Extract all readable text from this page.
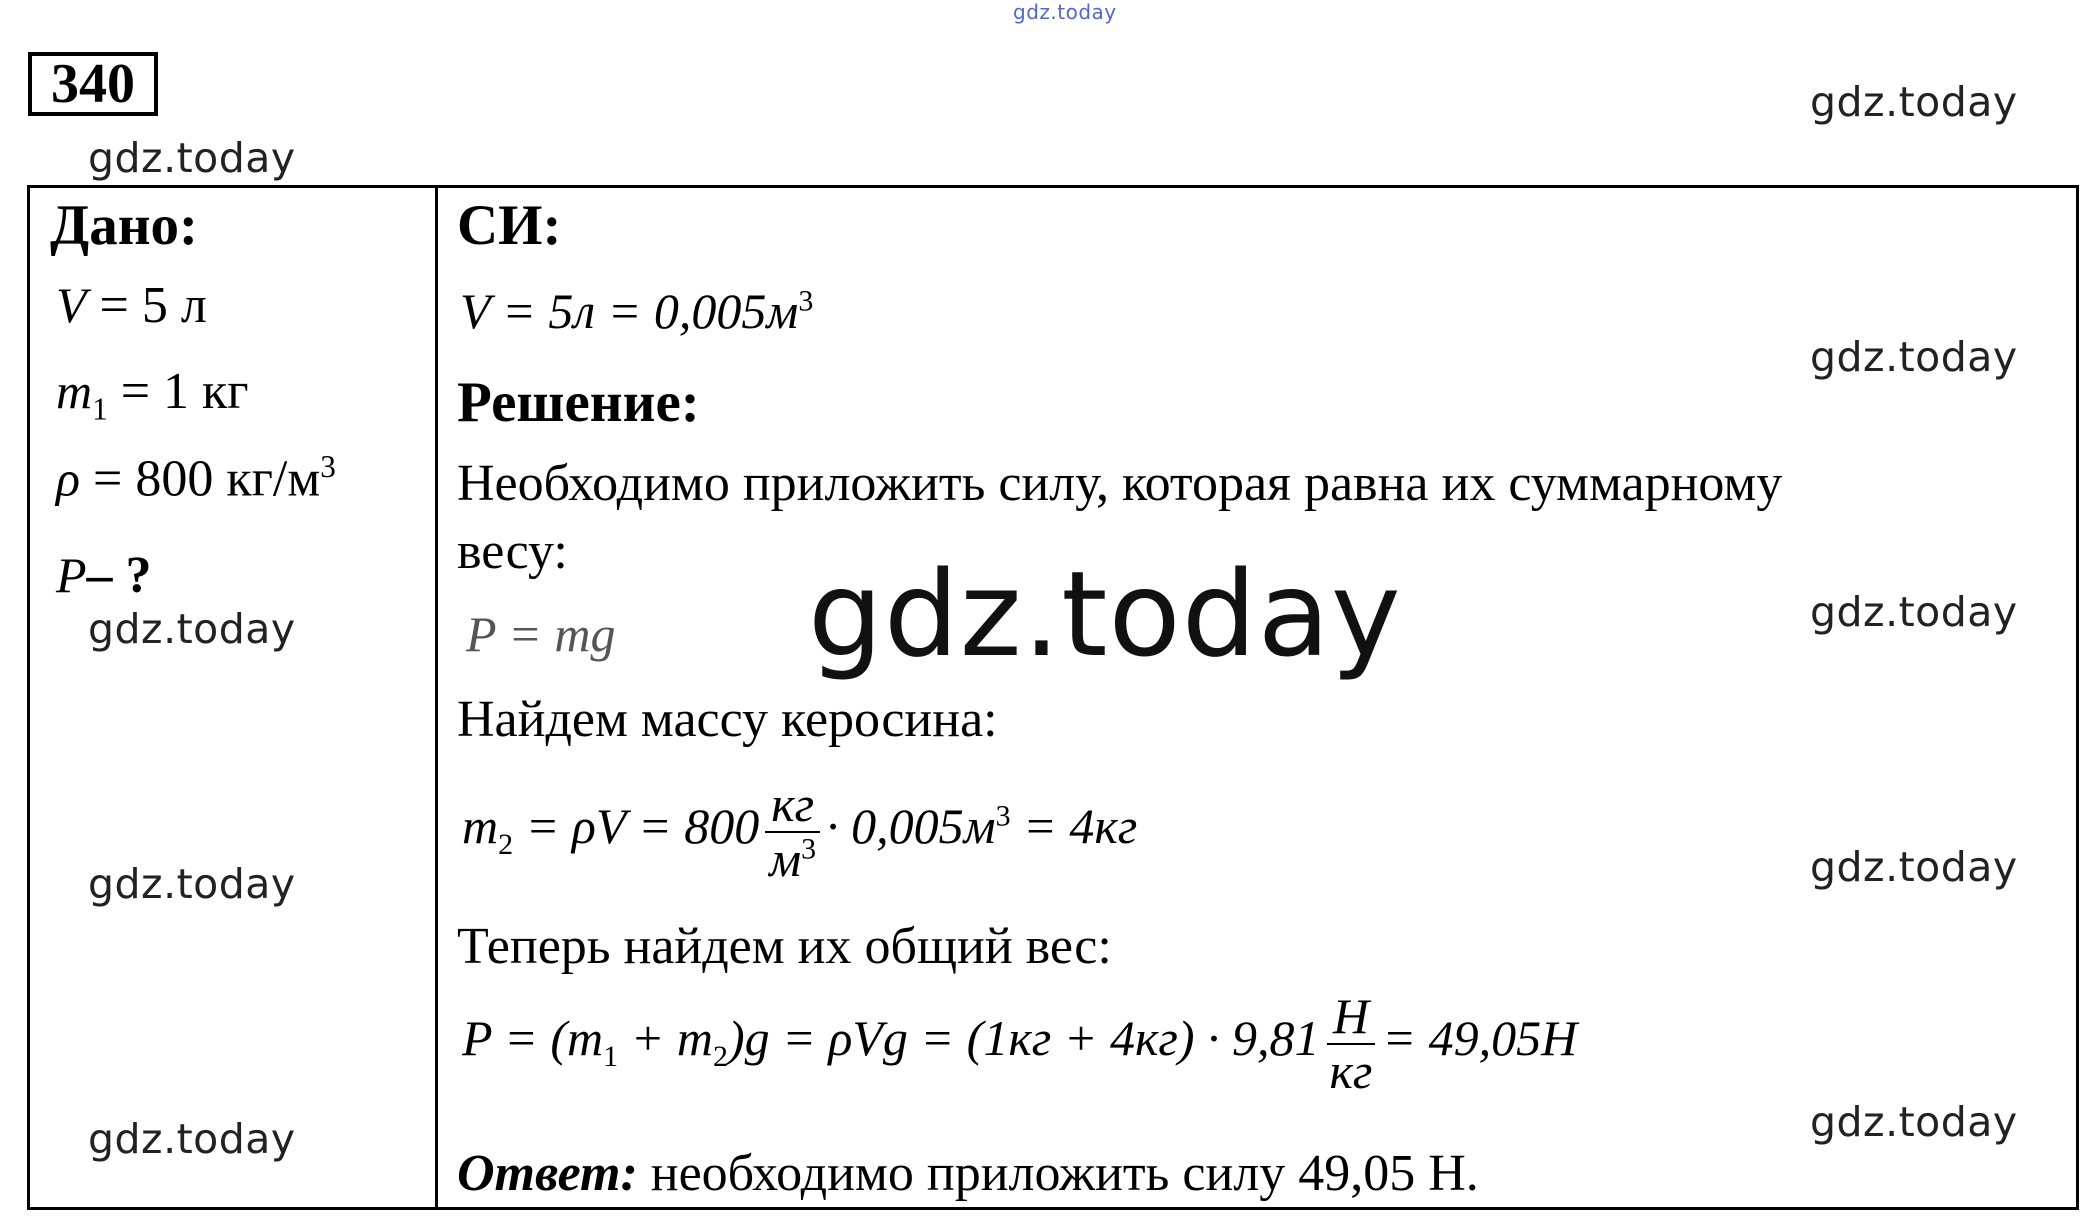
gdz.today
gdz.today
gdz.today
gdz.today
gdz.today	gdz.today
gdz.today	gdz.today
gdz.today	gdz.today
340
Дано:
V = 5 л
$m_1 = 1$ кг
ρ = 800 $кг/м^3$
P– ?
СИ:
$V = 5л = 0,005м^3$
Решение:
Необходимо приложить силу, которая равна их суммарному
весу:
P = mg
Найдем массу керосина:
$m_2 = \rho V = 800 \frac{кг}{м^3} \cdot 0,005м^3 = 4кг$
Теперь найдем их общий вес:
$P = (m_1 + m_2)g = \rho Vg = (1кг + 4кг) \cdot 9,81 \frac{Н}{кг} = 49,05Н$
Ответ: необходимо приложить силу 49,05 Н.
gdz.today
